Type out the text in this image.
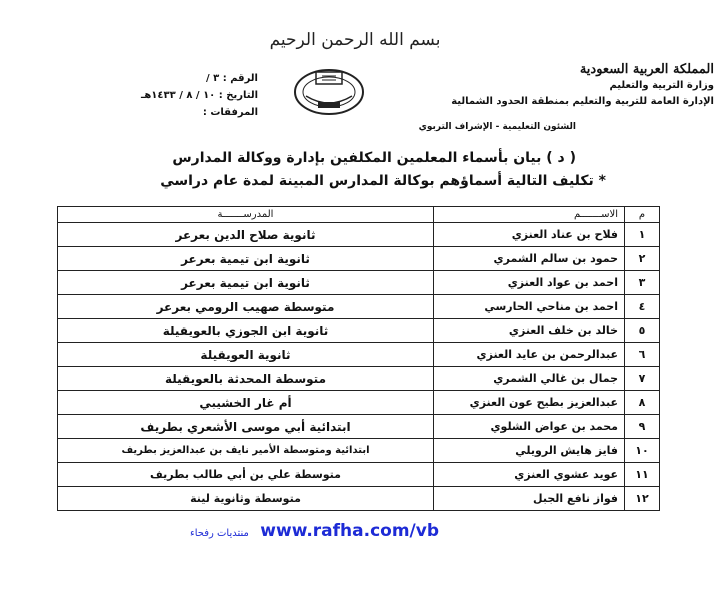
بسم الله الرحمن الرحيم
المملكة العربية السعودية
وزارة التربية والتعليم
الإدارة العامة للتربية والتعليم بمنطقة الحدود الشمالية
الرقم : ٣ /
التاريخ : ١٠ / ٨ / ١٤٣٣هـ
المرفقات :
الشئون التعليمية - الإشراف التربوي
( د ) بيان بأسماء المعلمين المكلفين بإدارة ووكالة المدارس
* تكليف التالية أسماؤهم بوكالة المدارس المبينة لمدة عام دراسي
م	الاســـــــم	المدرســـــــة
١	فلاح بن عناد العنزي	ثانوية صلاح الدين بعرعر
٢	حمود بن سالم الشمري	ثانوية ابن تيمية بعرعر
٣	احمد بن عواد العنزي	ثانوية ابن تيمية بعرعر
٤	احمد بن مناحي الحارسي	متوسطة صهيب الرومي بعرعر
٥	خالد بن خلف العنزي	ثانوية ابن الجوزي بالعويقيلة
٦	عبدالرحمن بن عايد العنزي	ثانوية العويقيلة
٧	جمال بن غالي الشمري	متوسطة المحدثة بالعويقيلة
٨	عبدالعزيز بطيح عون العنزي	أم غار الخشيبي
٩	محمد بن عواض الشلوي	ابتدائية أبي موسى الأشعري بطريف
١٠	فايز هايش الرويلي	ابتدائية ومتوسطة الأمير نايف بن عبدالعزيز بطريف
١١	عويد عشوي العنزي	متوسطة علي بن أبي طالب بطريف
١٢	فواز نافع الجبل	متوسطة وثانوية لينة
منتديات رفحاء www.rafha.com/vb
